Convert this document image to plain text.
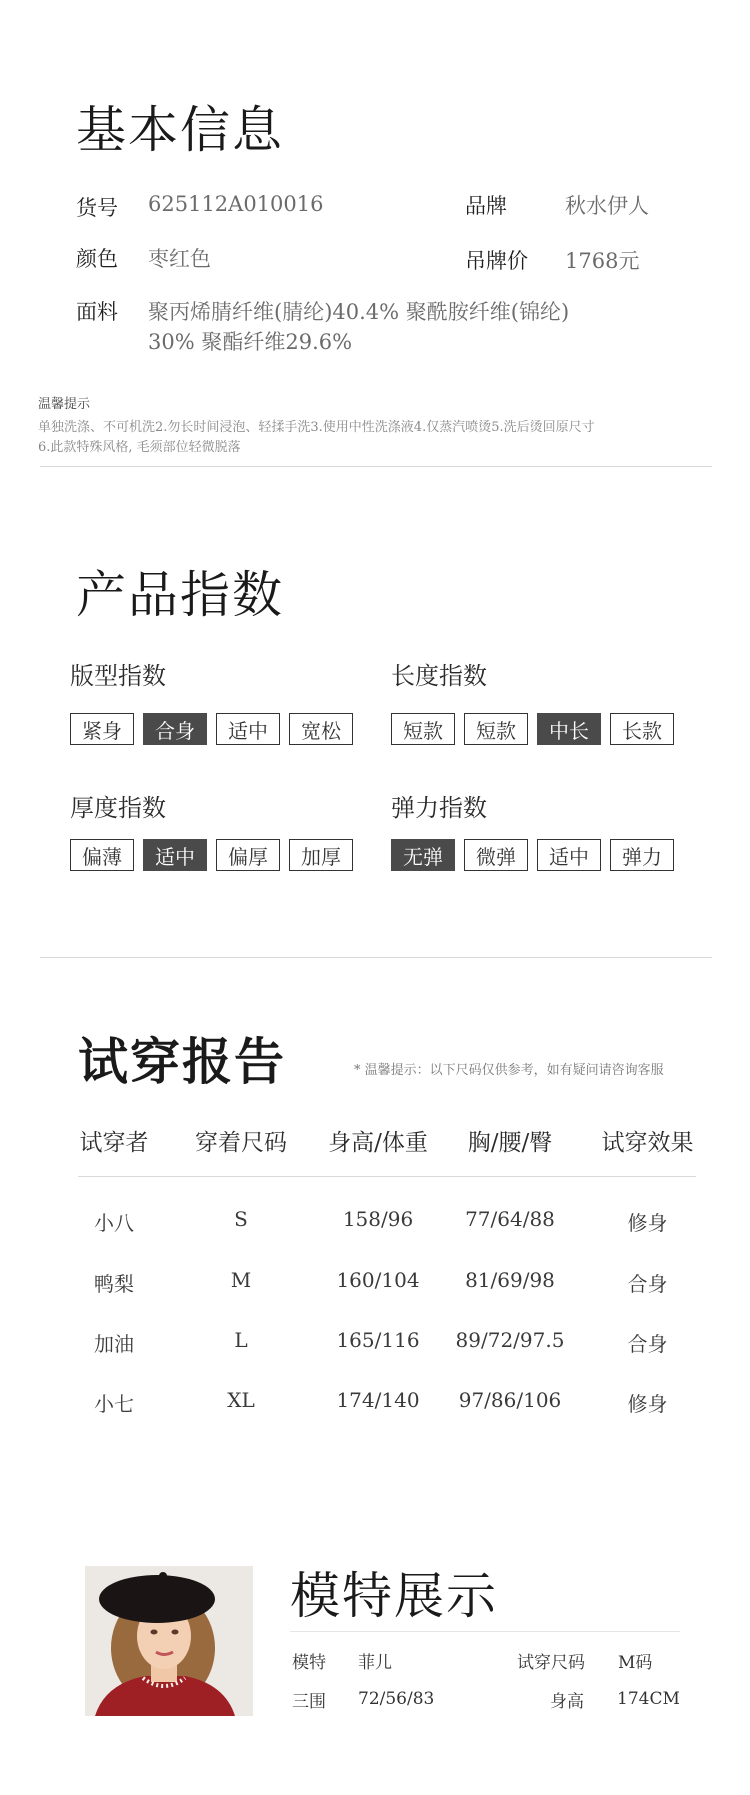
基本信息
货号 625112A010016	品牌	秋水伊人
颜色 枣红色	吊牌价 1768元
面料 聚丙烯腈纤维(腈纶)40.4% 聚酰胺纤维(锦纶)
30% 聚酯纤维29.6%
温馨提示
单独洗涤、不可机洗2.勿长时间浸泡、轻揉手洗3.使用中性洗涤液4.仅蒸汽喷烫5.洗后烫回原尺寸
6.此款特殊风格, 毛须部位轻微脱落
产品指数
版型指数
紧身	合身	适中	宽松
长度指数
短款	短款	中长	长款
厚度指数
偏薄	适中	偏厚	加厚
弹力指数
无弹	微弹	适中	弹力
试穿报告	* 温馨提示：以下尺码仅供参考，如有疑问请咨询客服
试穿者	穿着尺码	身高/体重	胸/腰/臀	试穿效果
小八	S	158/96	77/64/88	修身
鸭梨	M	160/104	81/69/98	合身
加油	L	165/116	89/72/97.5	合身
小七	XL	174/140	97/86/106	修身
模特展示
模特 菲儿	试穿尺码 M码
三围 72/56/83	身高 174CM
